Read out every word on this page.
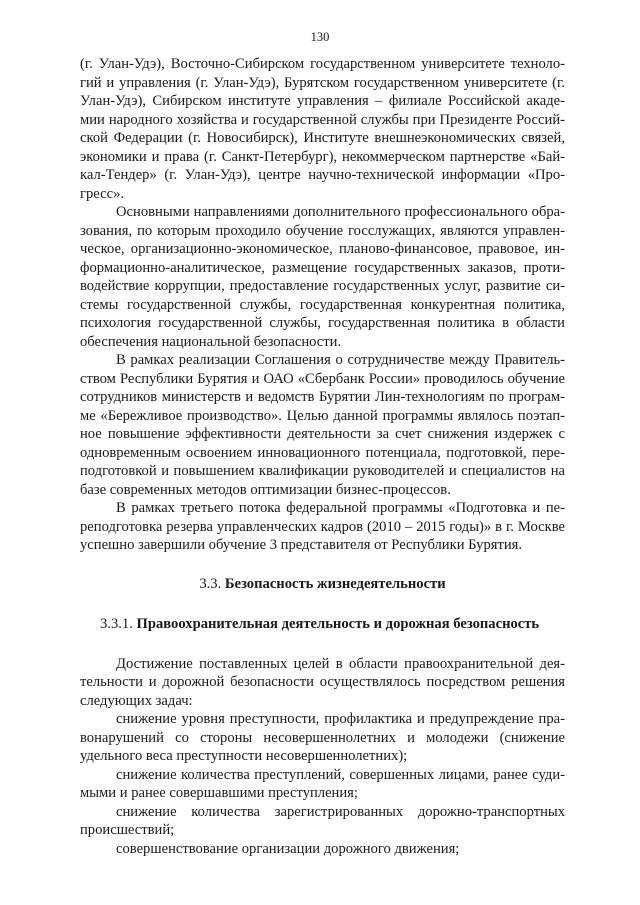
130

(г. Улан-Удэ), Восточно-Сибирском государственном университете техноло-
гий и управления (г. Улан-Удэ), Бурятском государственном университете (г.
Улан-Удэ), Сибирском институте управления – филиале Российской акаде-
мии народного хозяйства и государственной службы при Президенте Россий-
ской Федерации (г. Новосибирск), Институте внешнеэкономических связей,
экономики и права (г. Санкт-Петербург), некоммерческом партнерстве «Бай-
кал-Тендер» (г. Улан-Удэ), центре научно-технической информации «Про-
гресс».

Основными направлениями дополнительного профессионального обра-
зования, по которым проходило обучение госслужащих, являются управлен-
ческое, организационно-экономическое, планово-финансовое, правовое, ин-
формационно-аналитическое, размещение государственных заказов, проти-
водействие коррупции, предоставление государственных услуг, развитие си-
стемы государственной службы, государственная конкурентная политика,
психология государственной службы, государственная политика в области
обеспечения национальной безопасности.

В рамках реализации Соглашения о сотрудничестве между Правитель-
ством Республики Бурятия и ОАО «Сбербанк России» проводилось обучение
сотрудников министерств и ведомств Бурятии Лин-технологиям по програм-
ме «Бережливое производство». Целью данной программы являлось поэтап-
ное повышение эффективности деятельности за счет снижения издержек с
одновременным освоением инновационного потенциала, подготовкой, пере-
подготовкой и повышением квалификации руководителей и специалистов на
базе современных методов оптимизации бизнес-процессов.

В рамках третьего потока федеральной программы «Подготовка и пе-
реподготовка резерва управленческих кадров (2010 – 2015 годы)» в г. Москве
успешно завершили обучение 3 представителя от Республики Бурятия.

3.3. Безопасность жизнедеятельности
3.3.1. Правоохранительная деятельность и дорожная безопасность

Достижение поставленных целей в области правоохранительной дея-
тельности и дорожной безопасности осуществлялось посредством решения
следующих задач:

снижение уровня преступности, профилактика и предупреждение пра-
вонарушений со стороны несовершеннолетних и молодежи (снижение
удельного веса преступности несовершеннолетних);

снижение количества преступлений, совершенных лицами, ранее суди-
мыми и ранее совершавшими преступления;

снижение количества зарегистрированных дорожно-транспортных
происшествий;

совершенствование организации дорожного движения;
